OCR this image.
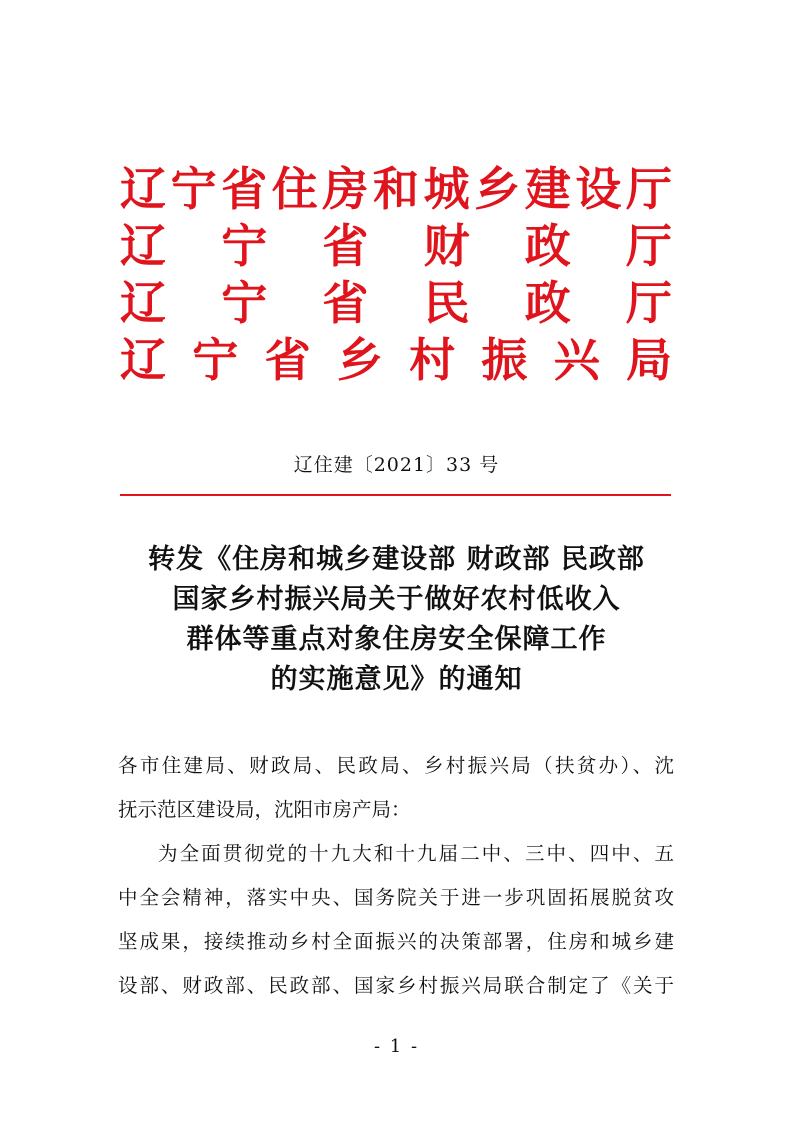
辽 宁 省 住 房 和 城 乡 建 设 厅
辽 宁 省 财 政 厅
辽 宁 省 民 政 厅
辽 宁 省 乡 村 振 兴 局
辽住建〔2021〕33 号
转发《住房和城乡建设部 财政部 民政部
国家乡村振兴局关于做好农村低收入
群体等重点对象住房安全保障工作
的实施意见》的通知
各市住建局、财政局、民政局、乡村振兴局（扶贫办）、沈
抚示范区建设局，沈阳市房产局：
为全面贯彻党的十九大和十九届二中、三中、四中、五
中全会精神，落实中央、国务院关于进一步巩固拓展脱贫攻
坚成果，接续推动乡村全面振兴的决策部署，住房和城乡建
设部、财政部、民政部、国家乡村振兴局联合制定了《关于
- 1 -
